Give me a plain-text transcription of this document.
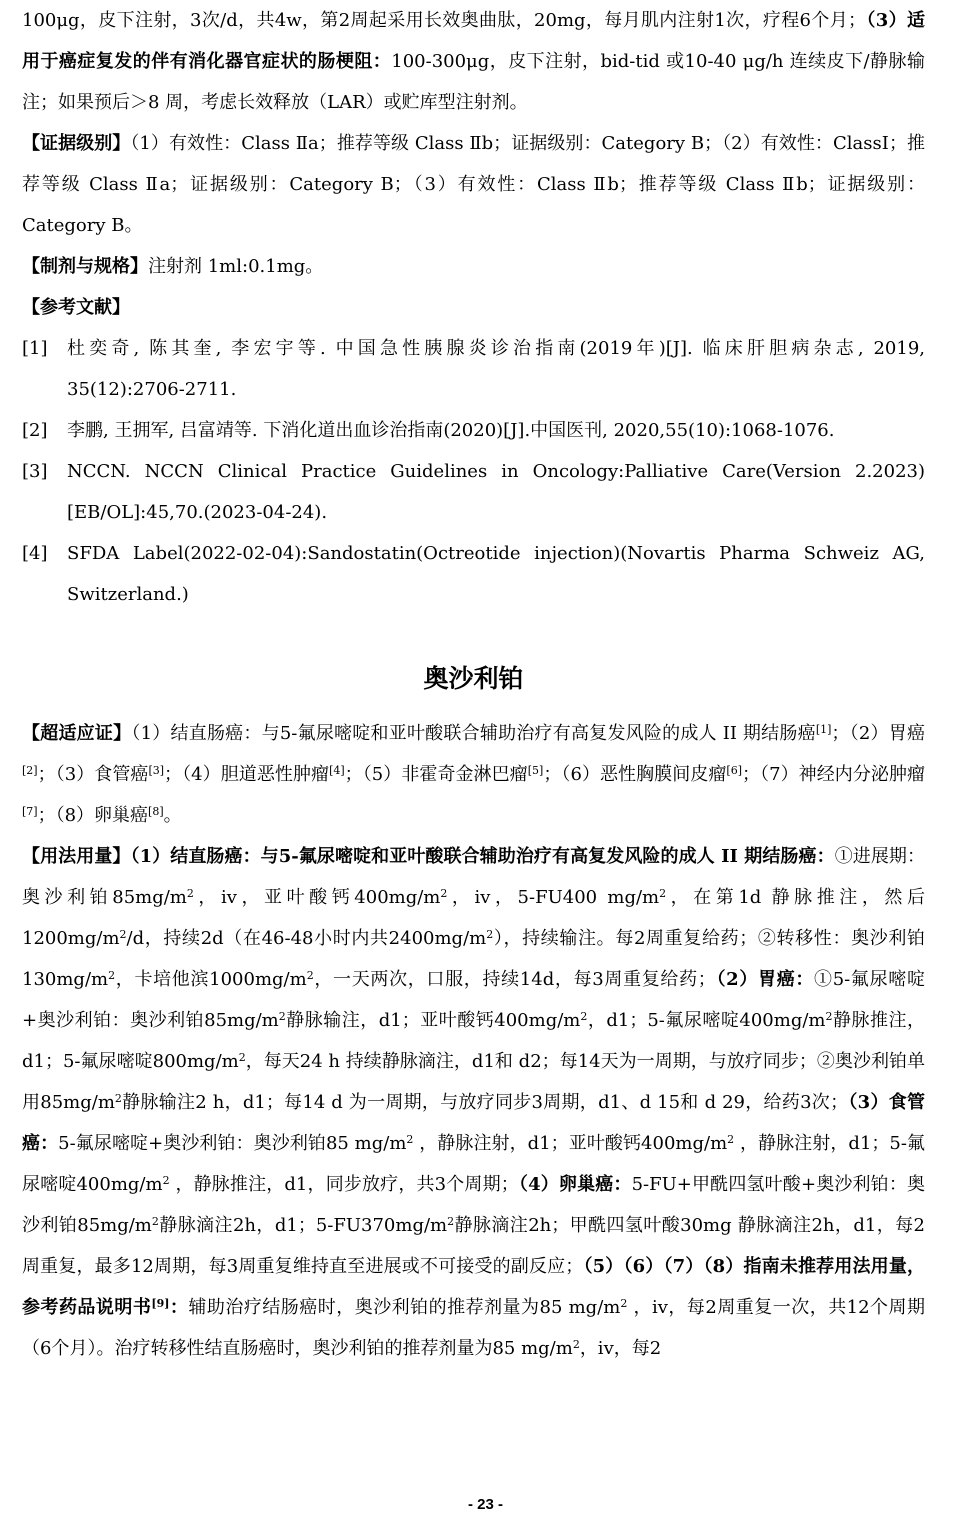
100μg，皮下注射，3次/d，共4w，第2周起采用长效奥曲肽，20mg，每月肌内注射1次，疗程6个月；（3）适用于癌症复发的伴有消化器官症状的肠梗阻：100-300μg，皮下注射，bid-tid 或10-40 μg/h 连续皮下/静脉输注；如果预后＞8 周，考虑长效释放（LAR）或贮库型注射剂。

【证据级别】（1）有效性：Class Ⅱa；推荐等级 Class Ⅱb；证据级别：Category B；（2）有效性：ClassⅠ；推荐等级 Class Ⅱa；证据级别：Category B；（3）有效性：Class Ⅱb；推荐等级 Class Ⅱb；证据级别：Category B。

【制剂与规格】注射剂 1ml:0.1mg。

【参考文献】

[1]	杜奕奇, 陈其奎, 李宏宇等. 中国急性胰腺炎诊治指南(2019年)[J]. 临床肝胆病杂志, 2019,
35(12):2706-2711.
[2]	李鹏, 王拥军, 吕富靖等. 下消化道出血诊治指南(2020)[J].中国医刊, 2020,55(10):1068-1076.
[3]	NCCN. NCCN Clinical Practice Guidelines in Oncology:Palliative Care(Version 2.2023)
[EB/OL]:45,70.(2023-04-24).
[4]	SFDA Label(2022-02-04):Sandostatin(Octreotide injection)(Novartis Pharma Schweiz AG,
Switzerland.)
奥沙利铂

【超适应证】（1）结直肠癌：与5-氟尿嘧啶和亚叶酸联合辅助治疗有高复发风险的成人 II 期结肠癌[1]；（2）胃癌[2]；（3）食管癌[3]；（4）胆道恶性肿瘤[4]；（5）非霍奇金淋巴瘤[5]；（6）恶性胸膜间皮瘤[6]；（7）神经内分泌肿瘤[7]；（8）卵巢癌[8]。

【用法用量】（1）结直肠癌：与5-氟尿嘧啶和亚叶酸联合辅助治疗有高复发风险的成人 II 期结肠癌：①进展期：奥沙利铂$85mg/m^2$，iv，亚叶酸钙$400mg/m^2$，iv，5-FU400 $mg/m^2$，在第1d 静脉推注，然后$1200mg/m^2/d$，持续2d（在46-48小时内共$2400mg/m^2$），持续输注。每2周重复给药；②转移性：奥沙利铂$130mg/m^2$，卡培他滨$1000mg/m^2$，一天两次，口服，持续14d，每3周重复给药；（2）胃癌：①5-氟尿嘧啶+奥沙利铂：奥沙利铂$85mg/m^2$静脉输注，d1；亚叶酸钙$400mg/m^2$，d1；5-氟尿嘧啶$400mg/m^2$静脉推注，d1；5-氟尿嘧啶$800mg/m^2$，每天24 h 持续静脉滴注，d1和 d2；每14天为一周期，与放疗同步；②奥沙利铂单用$85mg/m^2$静脉输注2 h，d1；每14 d 为一周期，与放疗同步3周期，d1、d 15和 d 29，给药3次；（3）食管癌：5-氟尿嘧啶+奥沙利铂：奥沙利铂85 $mg/m^2$ ，静脉注射，d1；亚叶酸钙$400mg/m^2$ ，静脉注射，d1；5-氟尿嘧啶$400mg/m^2$ ，静脉推注，d1，同步放疗，共3个周期；（4）卵巢癌：5-FU+甲酰四氢叶酸+奥沙利铂：奥沙利铂$85mg/m^2$静脉滴注2h，d1；$5-FU370mg/m^2$静脉滴注2h；甲酰四氢叶酸30mg 静脉滴注2h，d1，每2周重复，最多12周期，每3周重复维持直至进展或不可接受的副反应；（5）（6）（7）（8）指南未推荐用法用量，参考药品说明书[9]：辅助治疗结肠癌时，奥沙利铂的推荐剂量为85 $mg/m^2$ ，iv，每2周重复一次，共12个周期（6个月）。治疗转移性结直肠癌时，奥沙利铂的推荐剂量为85 $mg/m^2$，iv，每2

- 23 -
